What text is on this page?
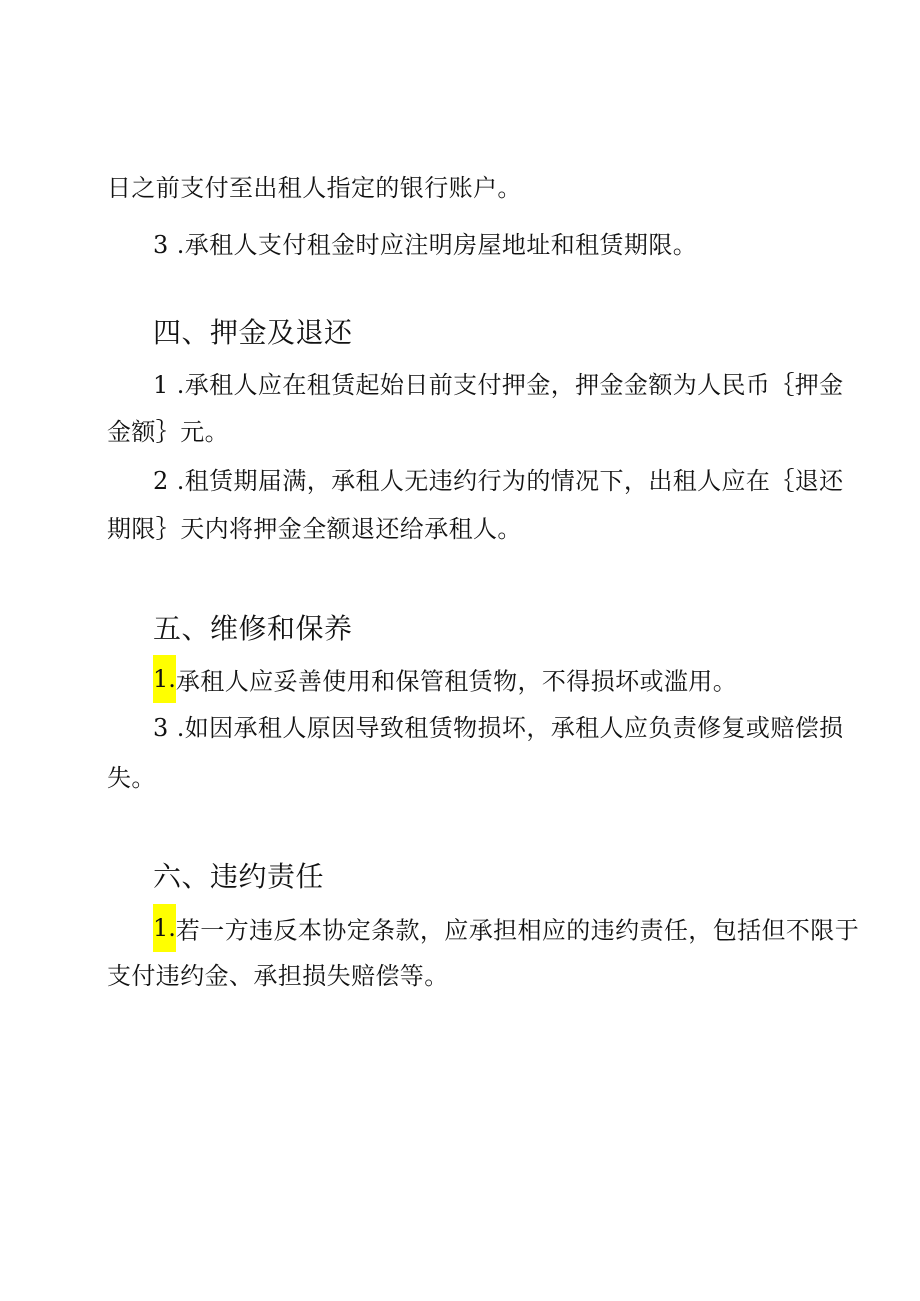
日之前支付至出租人指定的银行账户。
3 .承租人支付租金时应注明房屋地址和租赁期限。
四、押金及退还
1 .承租人应在租赁起始日前支付押金，押金金额为人民币｛押金
金额｝元。
2 .租赁期届满，承租人无违约行为的情况下，出租人应在｛退还
期限｝天内将押金全额退还给承租人。
五、维修和保养
1.承租人应妥善使用和保管租赁物，不得损坏或滥用。
3 .如因承租人原因导致租赁物损坏，承租人应负责修复或赔偿损
失。
六、违约责任
1.若一方违反本协定条款，应承担相应的违约责任，包括但不限于
支付违约金、承担损失赔偿等。
